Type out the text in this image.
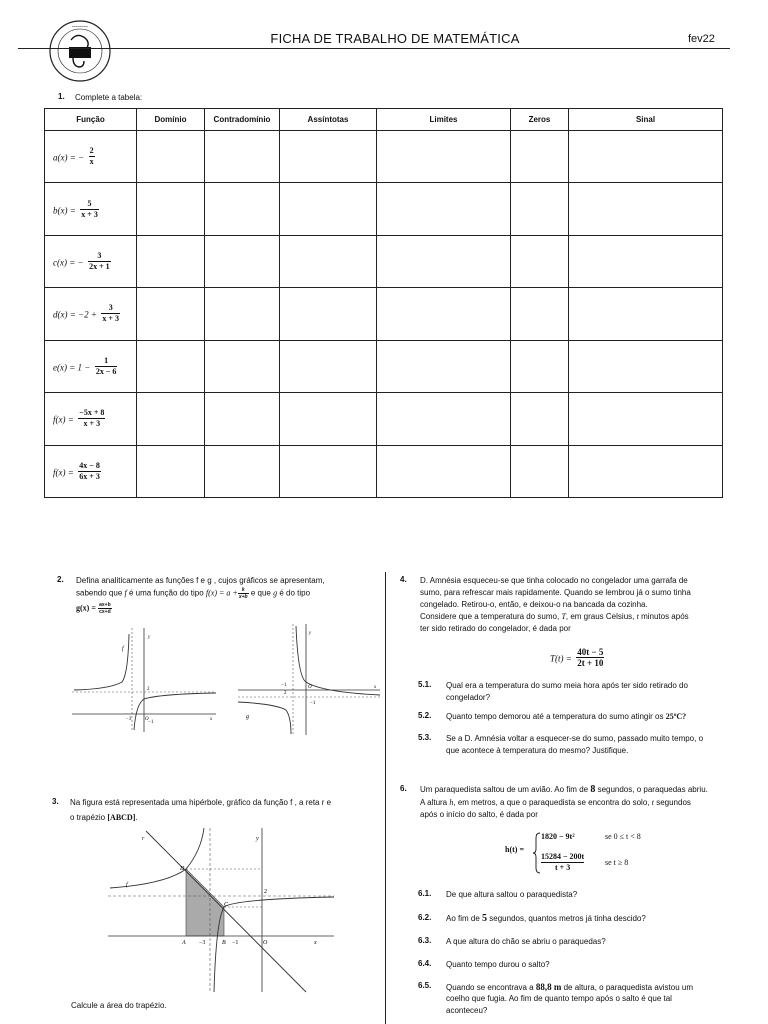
• • • • • • • •
FICHA DE TRABALHO DE MATEMÁTICA	fev22
1. Complete a tabela:
Função	Domínio	Contradomínio	Assíntotas	Limites	Zeros	Sinal
a(x) = − $\frac{2}{x}$

$b(x) = \frac{5}{x + 3}$

c(x) = − $\frac{3}{2x + 1}$

$d(x) = -2 + \frac{3}{x + 3}$

$e(x) = 1 - \frac{1}{2x - 6}$

$f(x) = \frac{-5x + 8}{x + 3}$

$f(x) = \frac{4x - 8}{6x + 3}$

2. Defina analiticamente as funções f e g , cujos gráficos se apresentam,
sabendo que f é uma função do tipo $f(x) = a + \frac{k}{x+b}$ e que g é do tipo
$g(x) = \frac{ax+b}{cx+d}$
f
y
x
O
2
−1
−3	g
y
x
O
−1
2
−1
3. Na figura está representada uma hipérbole, gráfico da função f , a reta r e
o trapézio [ABCD].
r
f
y
x
D
C
A	B	O
−3	−1
2
Calcule a área do trapézio.
4. D. Amnésia esqueceu-se que tinha colocado no congelador uma garrafa de
sumo, para refrescar mais rapidamente. Quando se lembrou já o sumo tinha
congelado. Retirou-o, então, e deixou-o na bancada da cozinha.
Considere que a temperatura do sumo, T, em graus Celsius, t minutos após
ter sido retirado do congelador, é dada por
$T(t) = \frac{40t - 5}{2t + 10}$
5.1. Qual era a temperatura do sumo meia hora após ter sido retirado do
congelador?
5.2. Quanto tempo demorou até a temperatura do sumo atingir os 25ºC?
5.3. Se a D. Amnésia voltar a esquecer-se do sumo, passado muito tempo, o
que acontece à temperatura do mesmo? Justifique.
6. Um paraquedista saltou de um avião. Ao fim de 8 segundos, o paraquedas abriu.
A altura h, em metros, a que o paraquedista se encontra do solo, t segundos
após o início do salto, é dada por
h(t) =
1820 − 9t²
15284 − 200t
t + 3
se 0 ≤ t < 8
se t ≥ 8
6.1. De que altura saltou o paraquedista?
6.2. Ao fim de 5 segundos, quantos metros já tinha descido?
6.3. A que altura do chão se abriu o paraquedas?
6.4. Quanto tempo durou o salto?
6.5. Quando se encontrava a 88,8 m de altura, o paraquedista avistou um
coelho que fugia. Ao fim de quanto tempo após o salto é que tal
aconteceu?
